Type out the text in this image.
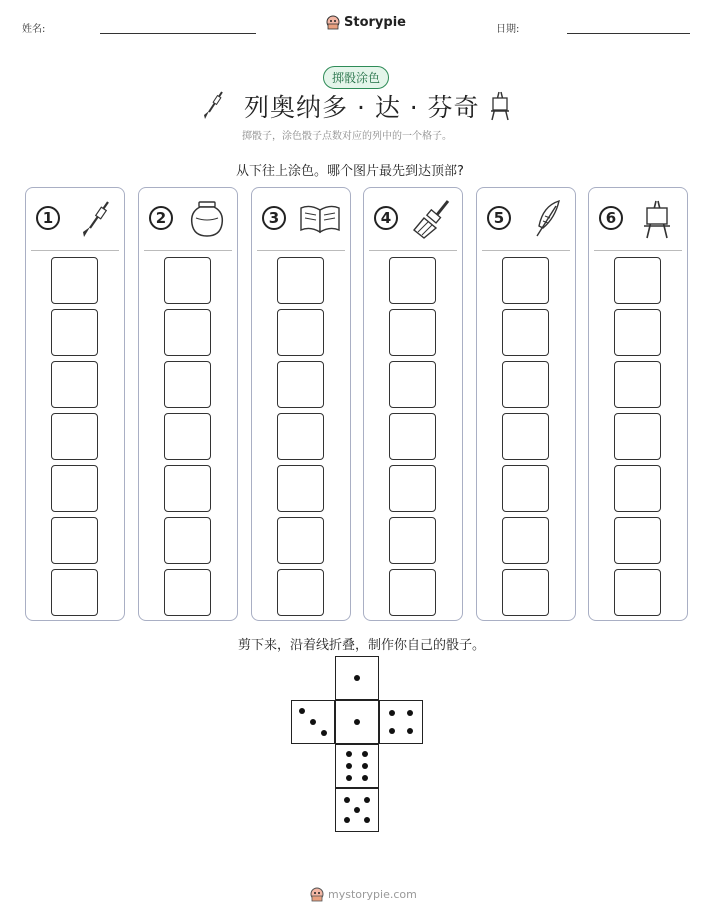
姓名:	Storypie	日期:
掷骰涂色
列奥纳多 · 达 · 芬奇
掷骰子，涂色骰子点数对应的列中的一个格子。
从下往上涂色。哪个图片最先到达顶部?
1	2	3	4	5	6
剪下来，沿着线折叠，制作你自己的骰子。
mystorypie.com
